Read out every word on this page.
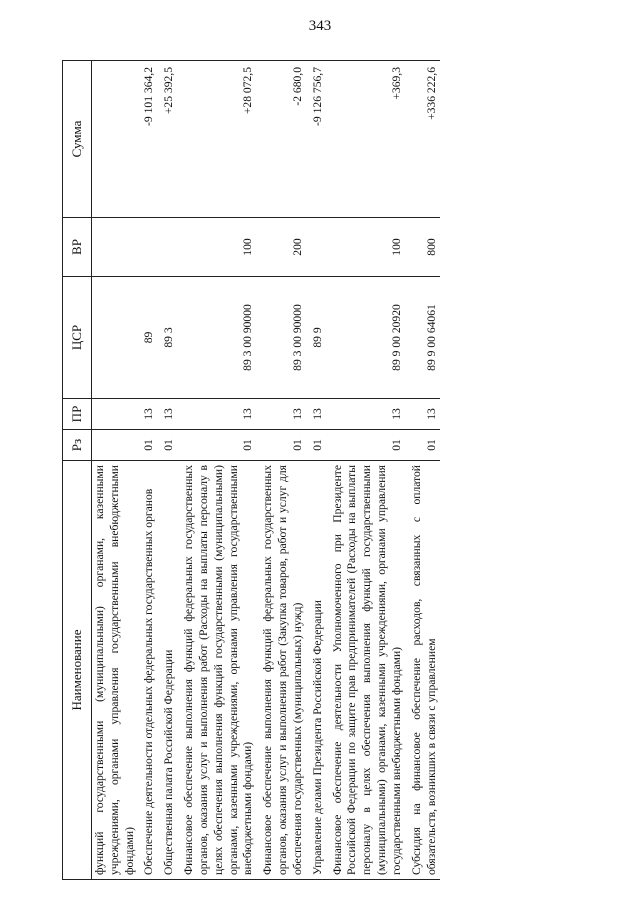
343
Наименование	Рз	ПР	ЦСР	ВР	Сумма
функций государственными (муниципальными) органами, казенными учреждениями, органами управления государственными внебюджетными фондами)					
Обеспечение деятельности отдельных федеральных государственных органов	01	13	89		-9 101 364,2
Общественная палата Российской Федерации	01	13	89 3		+25 392,5
Финансовое обеспечение выполнения функций федеральных государственных органов, оказания услуг и выполнения работ (Расходы на выплаты персоналу в целях обеспечения выполнения функций государственными (муниципальными) органами, казенными учреждениями, органами управления государственными внебюджетными фондами)	01	13	89 3 00 90000	100	+28 072,5
Финансовое обеспечение выполнения функций федеральных государственных органов, оказания услуг и выполнения работ (Закупка товаров, работ и услуг для обеспечения государственных (муниципальных) нужд)	01	13	89 3 00 90000	200	-2 680,0
Управление делами Президента Российской Федерации	01	13	89 9		-9 126 756,7
Финансовое обеспечение деятельности Уполномоченного при Президенте Российской Федерации по защите прав предпринимателей (Расходы на выплаты персоналу в целях обеспечения выполнения функций государственными (муниципальными) органами, казенными учреждениями, органами управления государственными внебюджетными фондами)	01	13	89 9 00 20920	100	+369,3
Субсидия на финансовое обеспечение расходов, связанных с оплатой обязательств, возникших в связи с управлением	01	13	89 9 00 64061	800	+336 222,6
